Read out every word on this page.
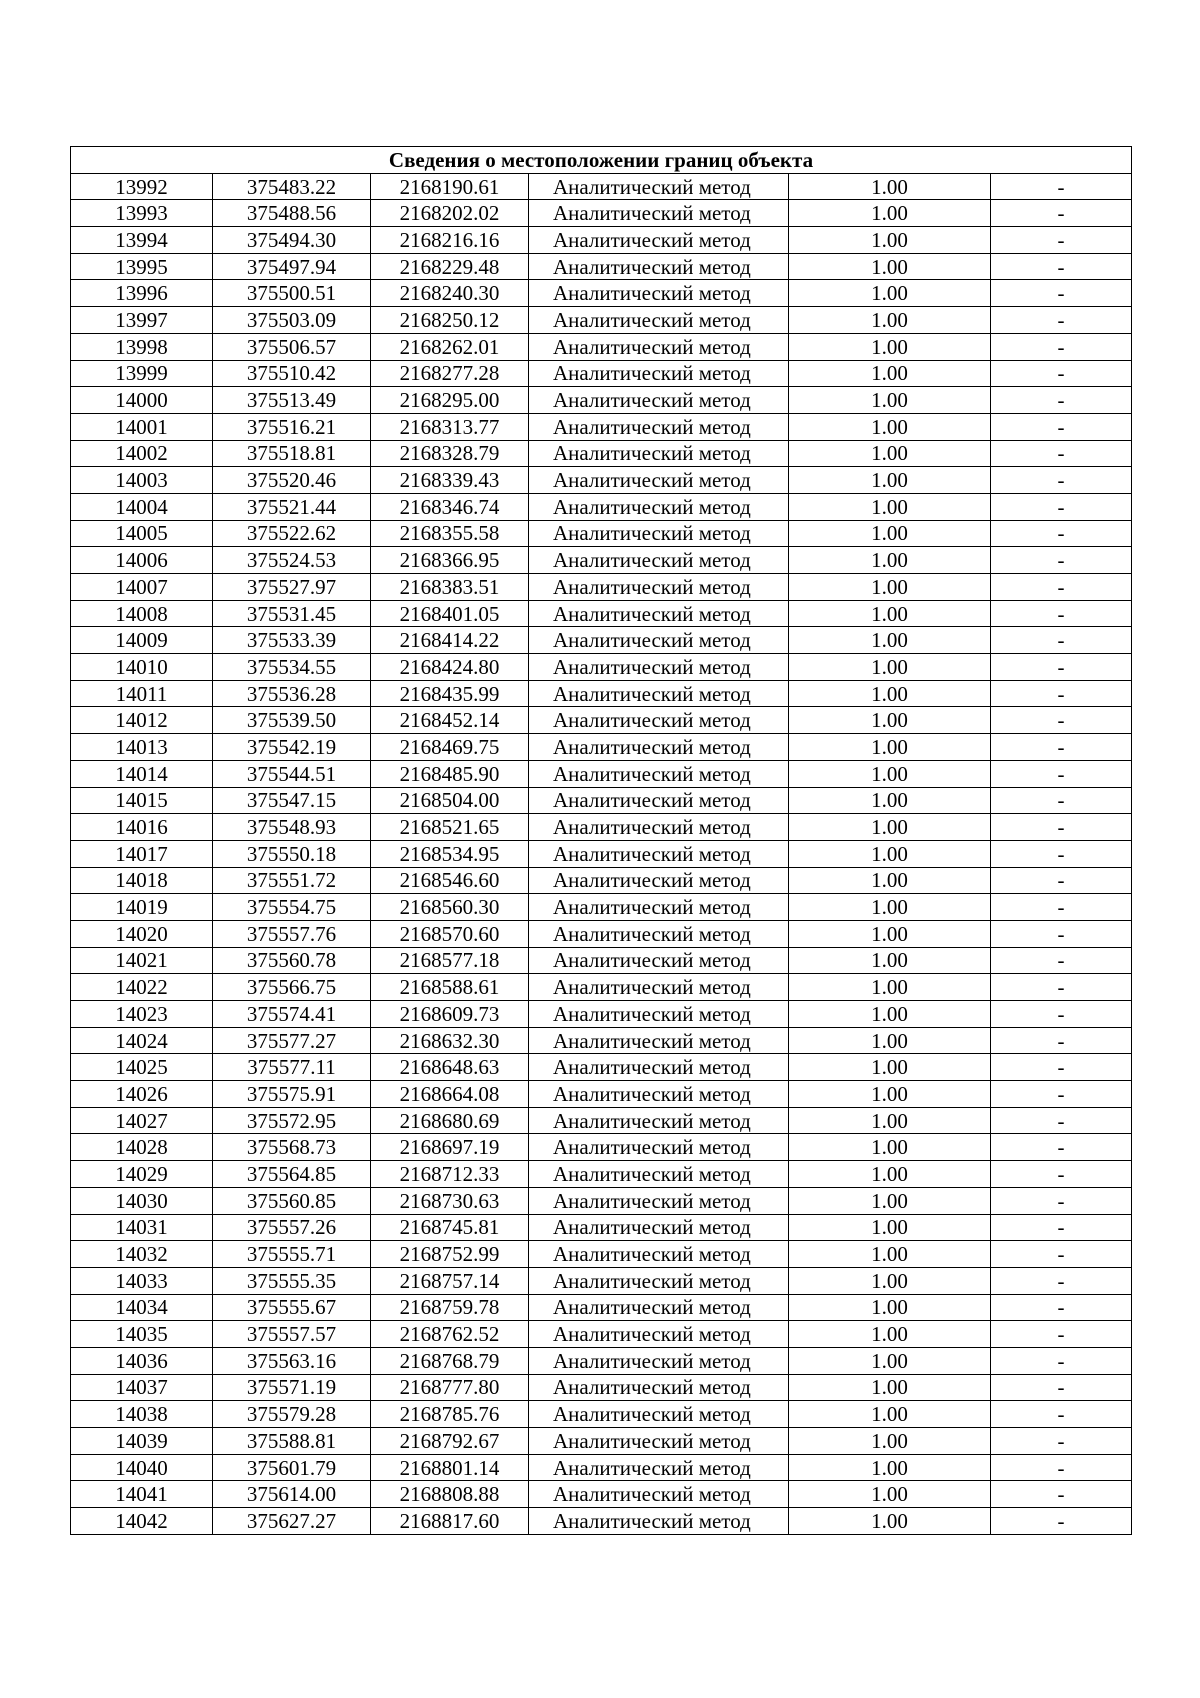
Сведения о местоположении границ объекта					
13992	375483.22	2168190.61	Аналитический метод	1.00	-
13993	375488.56	2168202.02	Аналитический метод	1.00	-
13994	375494.30	2168216.16	Аналитический метод	1.00	-
13995	375497.94	2168229.48	Аналитический метод	1.00	-
13996	375500.51	2168240.30	Аналитический метод	1.00	-
13997	375503.09	2168250.12	Аналитический метод	1.00	-
13998	375506.57	2168262.01	Аналитический метод	1.00	-
13999	375510.42	2168277.28	Аналитический метод	1.00	-
14000	375513.49	2168295.00	Аналитический метод	1.00	-
14001	375516.21	2168313.77	Аналитический метод	1.00	-
14002	375518.81	2168328.79	Аналитический метод	1.00	-
14003	375520.46	2168339.43	Аналитический метод	1.00	-
14004	375521.44	2168346.74	Аналитический метод	1.00	-
14005	375522.62	2168355.58	Аналитический метод	1.00	-
14006	375524.53	2168366.95	Аналитический метод	1.00	-
14007	375527.97	2168383.51	Аналитический метод	1.00	-
14008	375531.45	2168401.05	Аналитический метод	1.00	-
14009	375533.39	2168414.22	Аналитический метод	1.00	-
14010	375534.55	2168424.80	Аналитический метод	1.00	-
14011	375536.28	2168435.99	Аналитический метод	1.00	-
14012	375539.50	2168452.14	Аналитический метод	1.00	-
14013	375542.19	2168469.75	Аналитический метод	1.00	-
14014	375544.51	2168485.90	Аналитический метод	1.00	-
14015	375547.15	2168504.00	Аналитический метод	1.00	-
14016	375548.93	2168521.65	Аналитический метод	1.00	-
14017	375550.18	2168534.95	Аналитический метод	1.00	-
14018	375551.72	2168546.60	Аналитический метод	1.00	-
14019	375554.75	2168560.30	Аналитический метод	1.00	-
14020	375557.76	2168570.60	Аналитический метод	1.00	-
14021	375560.78	2168577.18	Аналитический метод	1.00	-
14022	375566.75	2168588.61	Аналитический метод	1.00	-
14023	375574.41	2168609.73	Аналитический метод	1.00	-
14024	375577.27	2168632.30	Аналитический метод	1.00	-
14025	375577.11	2168648.63	Аналитический метод	1.00	-
14026	375575.91	2168664.08	Аналитический метод	1.00	-
14027	375572.95	2168680.69	Аналитический метод	1.00	-
14028	375568.73	2168697.19	Аналитический метод	1.00	-
14029	375564.85	2168712.33	Аналитический метод	1.00	-
14030	375560.85	2168730.63	Аналитический метод	1.00	-
14031	375557.26	2168745.81	Аналитический метод	1.00	-
14032	375555.71	2168752.99	Аналитический метод	1.00	-
14033	375555.35	2168757.14	Аналитический метод	1.00	-
14034	375555.67	2168759.78	Аналитический метод	1.00	-
14035	375557.57	2168762.52	Аналитический метод	1.00	-
14036	375563.16	2168768.79	Аналитический метод	1.00	-
14037	375571.19	2168777.80	Аналитический метод	1.00	-
14038	375579.28	2168785.76	Аналитический метод	1.00	-
14039	375588.81	2168792.67	Аналитический метод	1.00	-
14040	375601.79	2168801.14	Аналитический метод	1.00	-
14041	375614.00	2168808.88	Аналитический метод	1.00	-
14042	375627.27	2168817.60	Аналитический метод	1.00	-
